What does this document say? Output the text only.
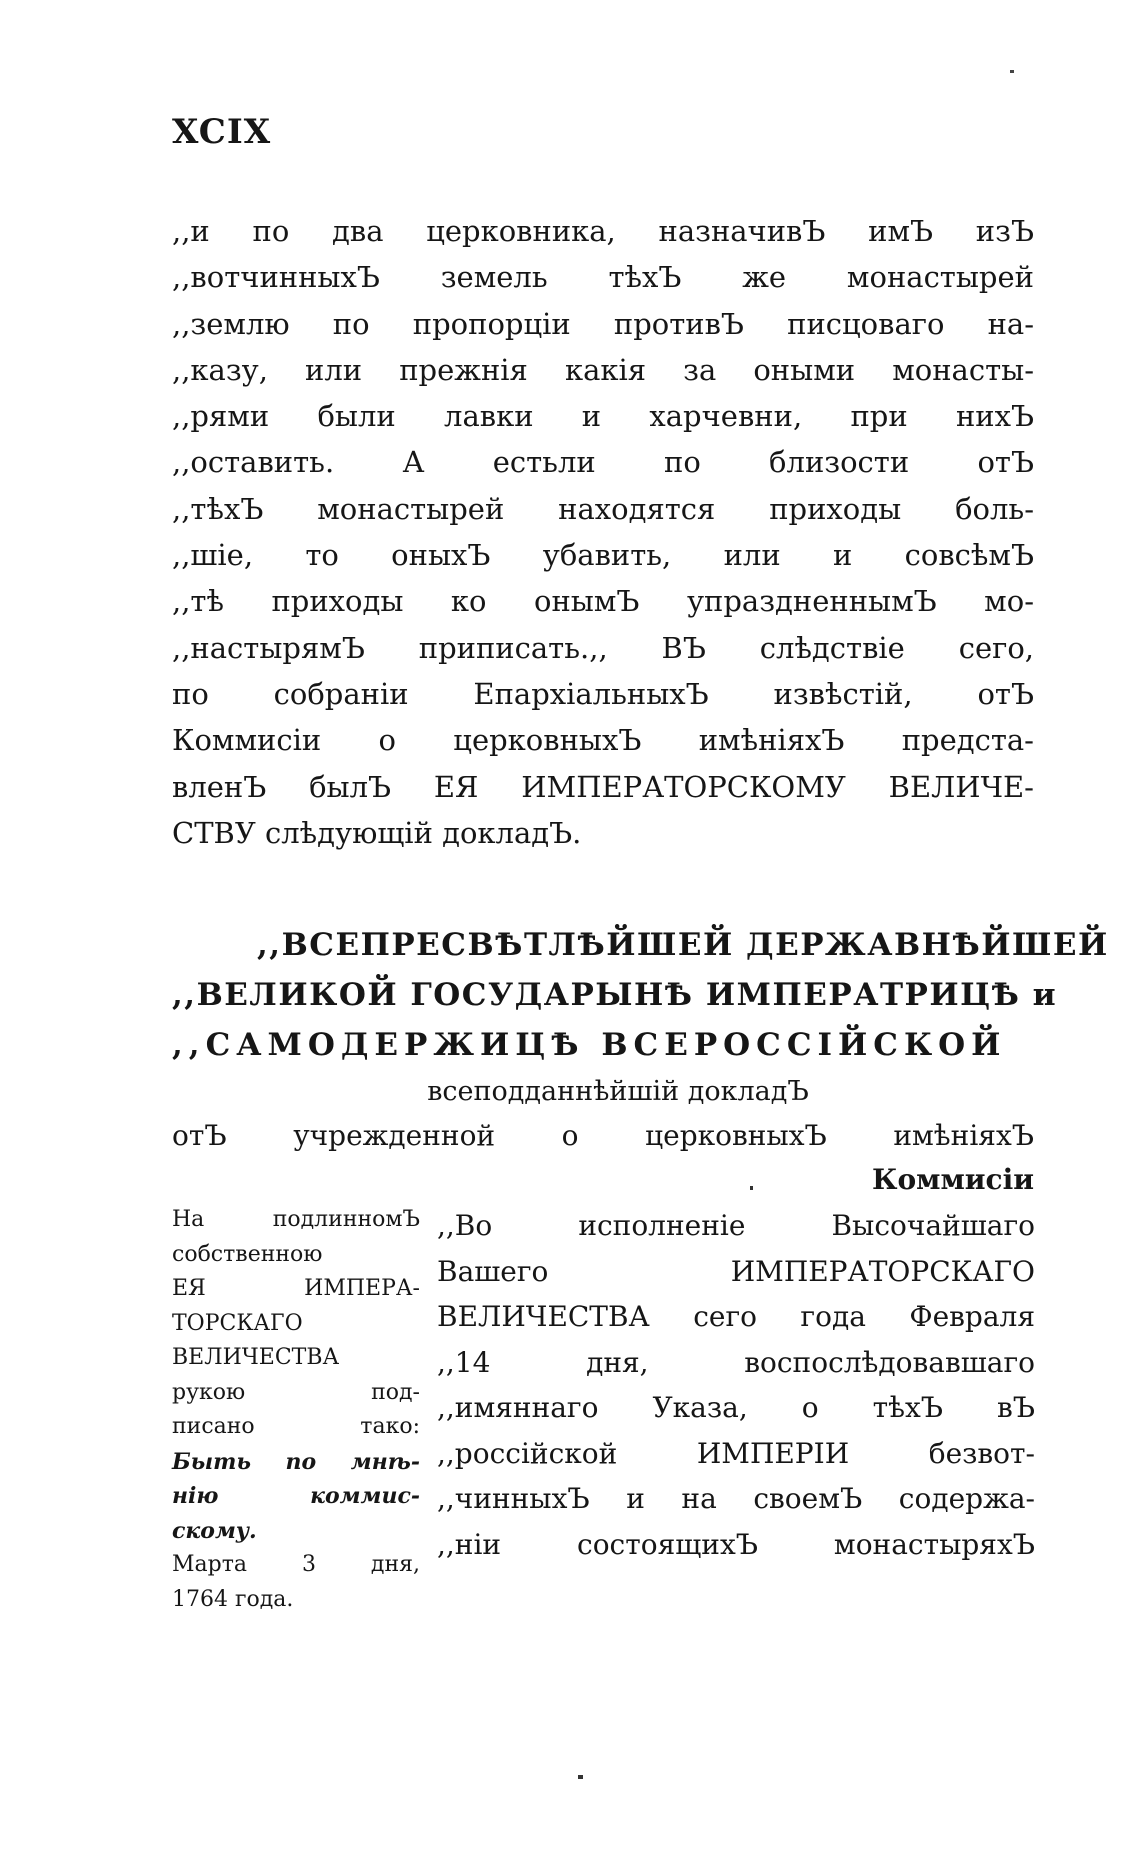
XCIX
,,и по два церковника, назначивЪ имЪ изЪ
,,вотчинныхЪ земель тѣхЪ же монастырей
,,землю по пропорціи противЪ писцоваго на-
,,казу, или прежнія какія за оными монасты-
,,рями были лавки и харчевни, при нихЪ
,,оставить. А естьли по близости отЪ
,,тѣхЪ монастырей находятся приходы боль-
,,шіе, то оныхЪ убавить, или и совсѣмЪ
,,тѣ приходы ко онымЪ упраздненнымЪ мо-
,,настырямЪ приписать.,, ВЪ слѣдствіе сего,
по собраніи ЕпархіальныхЪ извѣстій, отЪ
Коммисіи о церковныхЪ имѣніяхЪ предста-
вленЪ былЪ ЕЯ ИМПЕРАТОРСКОМУ ВЕЛИЧЕ-
СТВУ слѣдующій докладЪ.
,,ВСЕПРЕСВѢТЛѢЙШЕЙ ДЕРЖАВНѢЙШЕЙ
,,ВЕЛИКОЙ ГОСУДАРЫНѢ ИМПЕРАТРИЦѢ и
,,САМОДЕРЖИЦѢ ВСЕРОССІЙСКОЙ
всеподданнѣйшій докладЪ
отЪ учрежденной о церковныхЪ имѣніяхЪ
Коммисіи
На подлинномЪ
собственною
ЕЯ ИМПЕРА-
ТОРСКАГО
ВЕЛИЧЕСТВА
рукою под-
писано тако:
Быть по мнѣ-
нію коммис-
скому.
Марта 3 дня,
1764 года.
,,Во исполненіе Высочайшаго
Вашего ИМПЕРАТОРСКАГО
ВЕЛИЧЕСТВА сего года Февраля
,,14 дня, воспослѣдовавшаго
,,имяннаго Указа, о тѣхЪ вЪ
,,россійской ИМПЕРІИ безвот-
,,чинныхЪ и на своемЪ содержа-
,,ніи состоящихЪ монастыряхЪ
